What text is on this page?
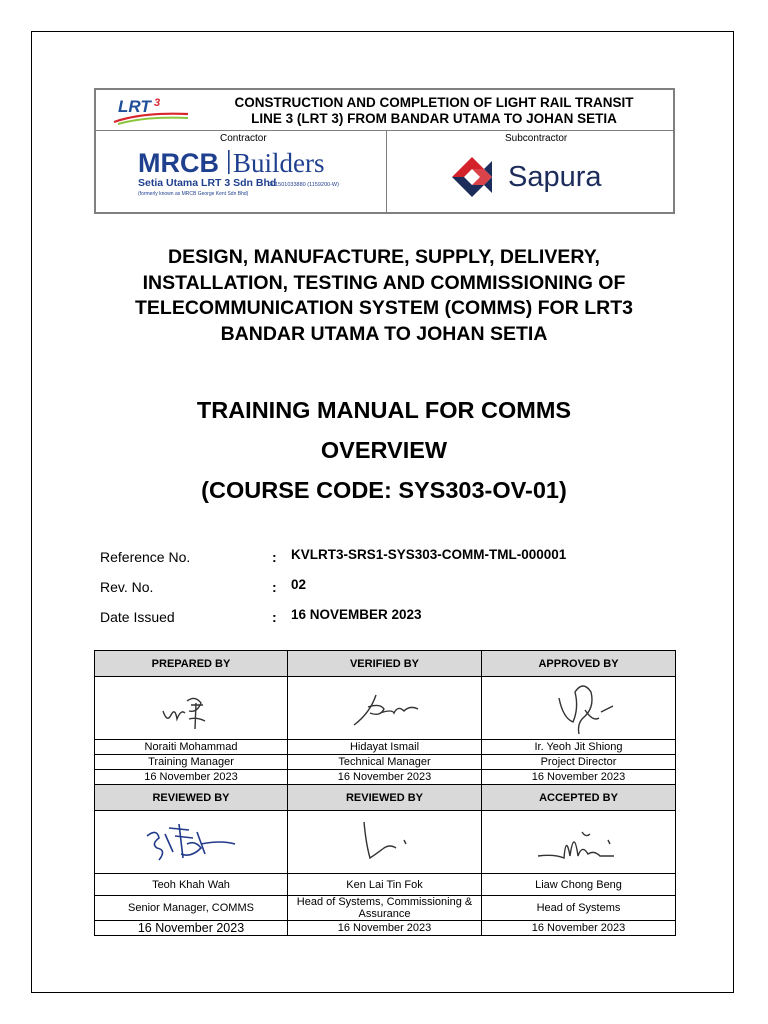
LRT 3	CONSTRUCTION AND COMPLETION OF LIGHT RAIL TRANSIT
LINE 3 (LRT 3) FROM BANDAR UTAMA TO JOHAN SETIA
Contractor	Subcontractor
MRCB Builders
Setia Utama LRT 3 Sdn Bhd
201501033880 (1159200-W)
(formerly known as MRCB George Kent Sdn Bhd)
Sapura
DESIGN, MANUFACTURE, SUPPLY, DELIVERY,
INSTALLATION, TESTING AND COMMISSIONING OF
TELECOMMUNICATION SYSTEM (COMMS) FOR LRT3
BANDAR UTAMA TO JOHAN SETIA
TRAINING MANUAL FOR COMMS
OVERVIEW
(COURSE CODE: SYS303-OV-01)
Reference No.	: KVLRT3-SRS1-SYS303-COMM-TML-000001
Rev. No.	: 02
Date Issued	: 16 NOVEMBER 2023
PREPARED BY	VERIFIED BY	APPROVED BY

Noraiti Mohammad	Hidayat Ismail	Ir. Yeoh Jit Shiong
Training Manager	Technical Manager	Project Director
16 November 2023	16 November 2023	16 November 2023
REVIEWED BY	REVIEWED BY	ACCEPTED BY

Teoh Khah Wah	Ken Lai Tin Fok	Liaw Chong Beng
Senior Manager, COMMS	Head of Systems, Commissioning & Assurance	Head of Systems
16 November 2023	16 November 2023	16 November 2023
